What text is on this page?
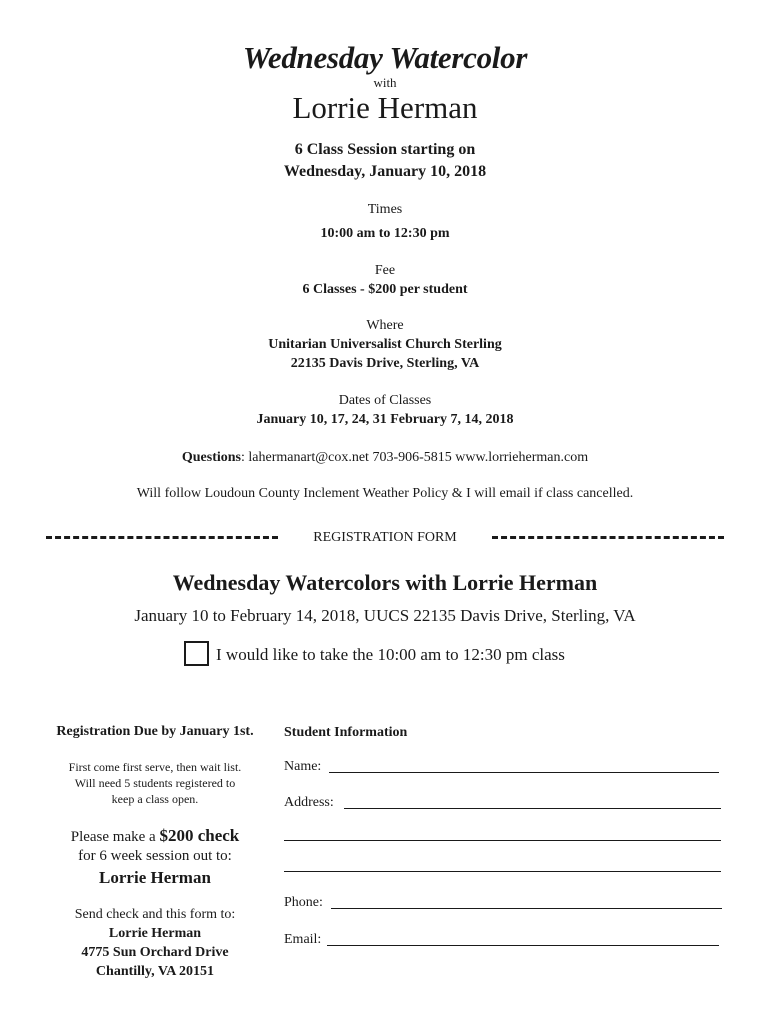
Wednesday Watercolor
with
Lorrie Herman
6 Class Session starting on
Wednesday, January 10, 2018
Times
10:00 am to 12:30 pm
Fee
6 Classes - $200 per student
Where
Unitarian Universalist Church Sterling
22135 Davis Drive, Sterling, VA
Dates of Classes
January 10, 17, 24, 31 February 7, 14, 2018
Questions: lahermanart@cox.net 703-906-5815 www.lorrieherman.com
Will follow Loudoun County Inclement Weather Policy & I will email if class cancelled.
REGISTRATION FORM
Wednesday Watercolors with Lorrie Herman
January 10 to February 14, 2018, UUCS 22135 Davis Drive, Sterling, VA
I would like to take the 10:00 am to 12:30 pm class
Registration Due by January 1st.
First come first serve, then wait list.
Will need 5 students registered to
keep a class open.
Please make a $200 check
for 6 week session out to:
Lorrie Herman
Send check and this form to:
Lorrie Herman
4775 Sun Orchard Drive
Chantilly, VA 20151
Student Information
Name:
Address:
Phone:
Email:
